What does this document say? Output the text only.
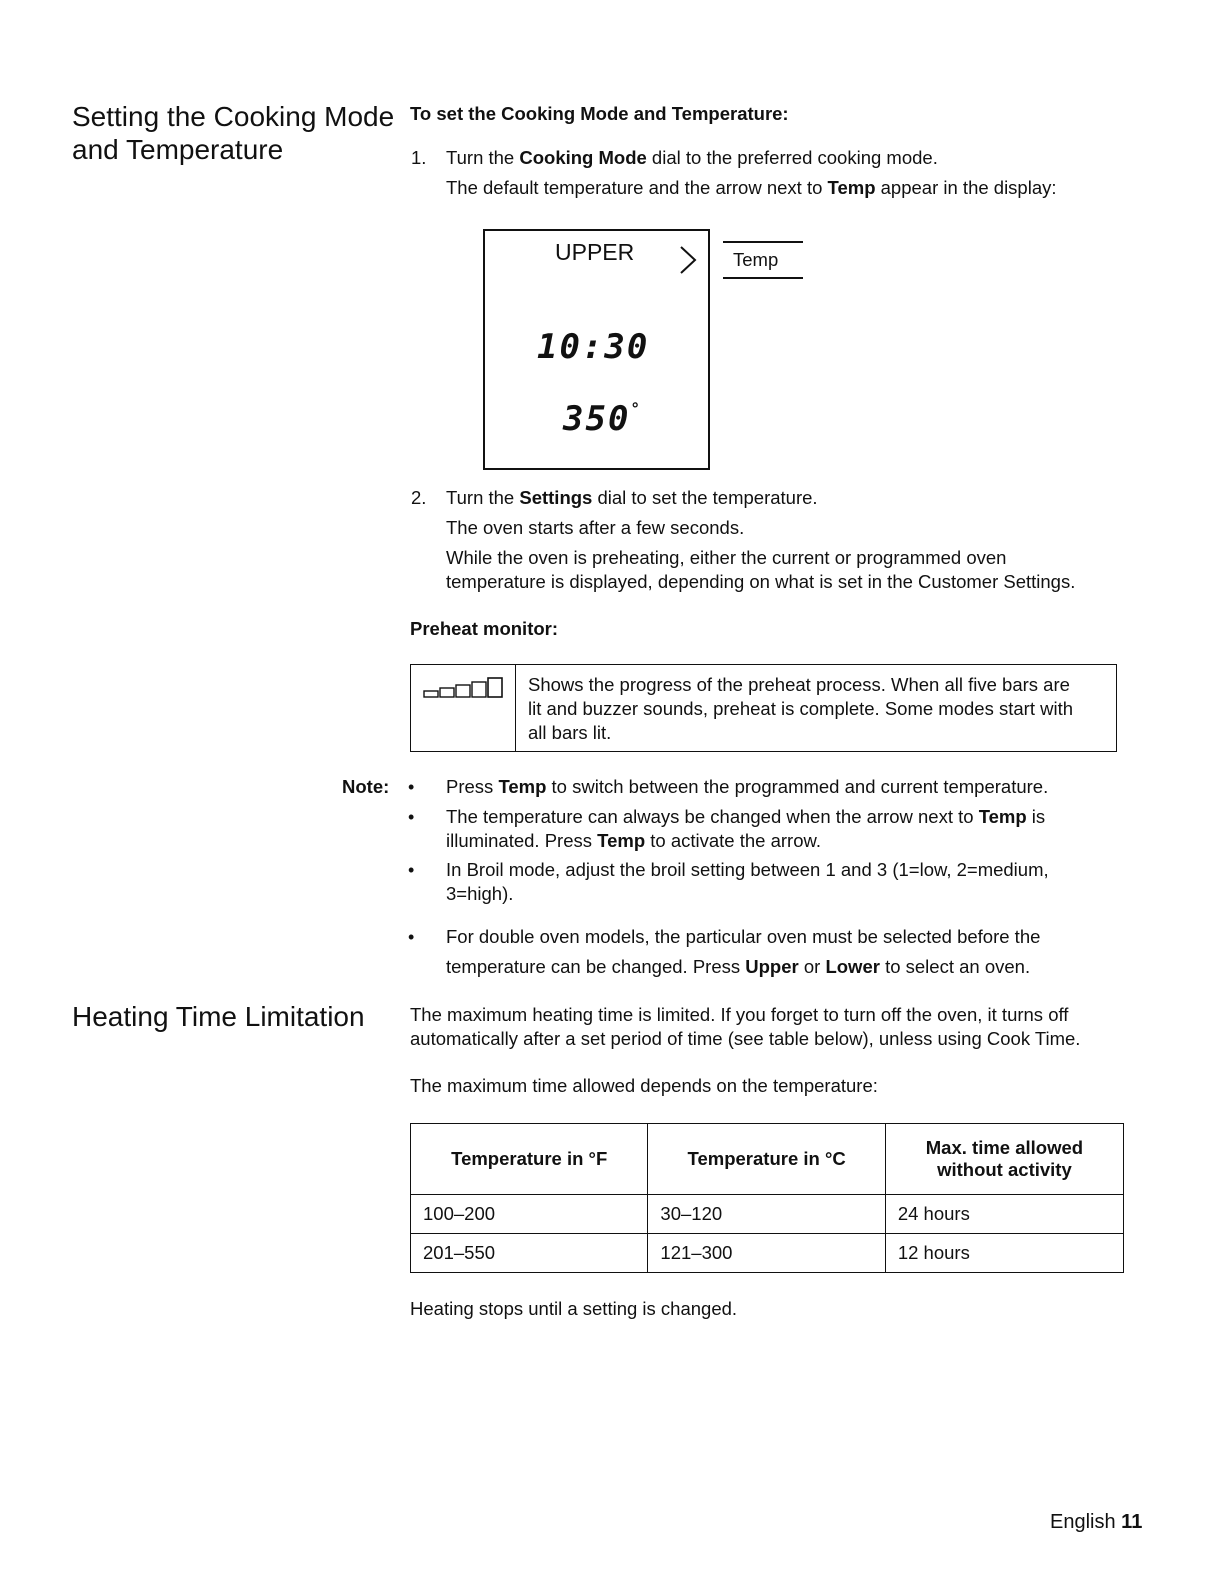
Setting the Cooking Mode
and Temperature
To set the Cooking Mode and Temperature:
1. Turn the Cooking Mode dial to the preferred cooking mode.
The default temperature and the arrow next to Temp appear in the display:
UPPER
10:30
350°
Temp
2. Turn the Settings dial to set the temperature.
The oven starts after a few seconds.
While the oven is preheating, either the current or programmed oven
temperature is displayed, depending on what is set in the Customer Settings.
Preheat monitor:
Shows the progress of the preheat process. When all five bars are
lit and buzzer sounds, preheat is complete. Some modes start with
all bars lit.
Note: • Press Temp to switch between the programmed and current temperature.
• The temperature can always be changed when the arrow next to Temp is
illuminated. Press Temp to activate the arrow.
• In Broil mode, adjust the broil setting between 1 and 3 (1=low, 2=medium,
3=high).
• For double oven models, the particular oven must be selected before the
temperature can be changed. Press Upper or Lower to select an oven.
Heating Time Limitation The maximum heating time is limited. If you forget to turn off the oven, it turns off
automatically after a set period of time (see table below), unless using Cook Time.
The maximum time allowed depends on the temperature:
Temperature in °F	Temperature in °C	Max. time allowed
without activity

100–200	30–120	24 hours
201–550	121–300	12 hours
Heating stops until a setting is changed.
English 11
